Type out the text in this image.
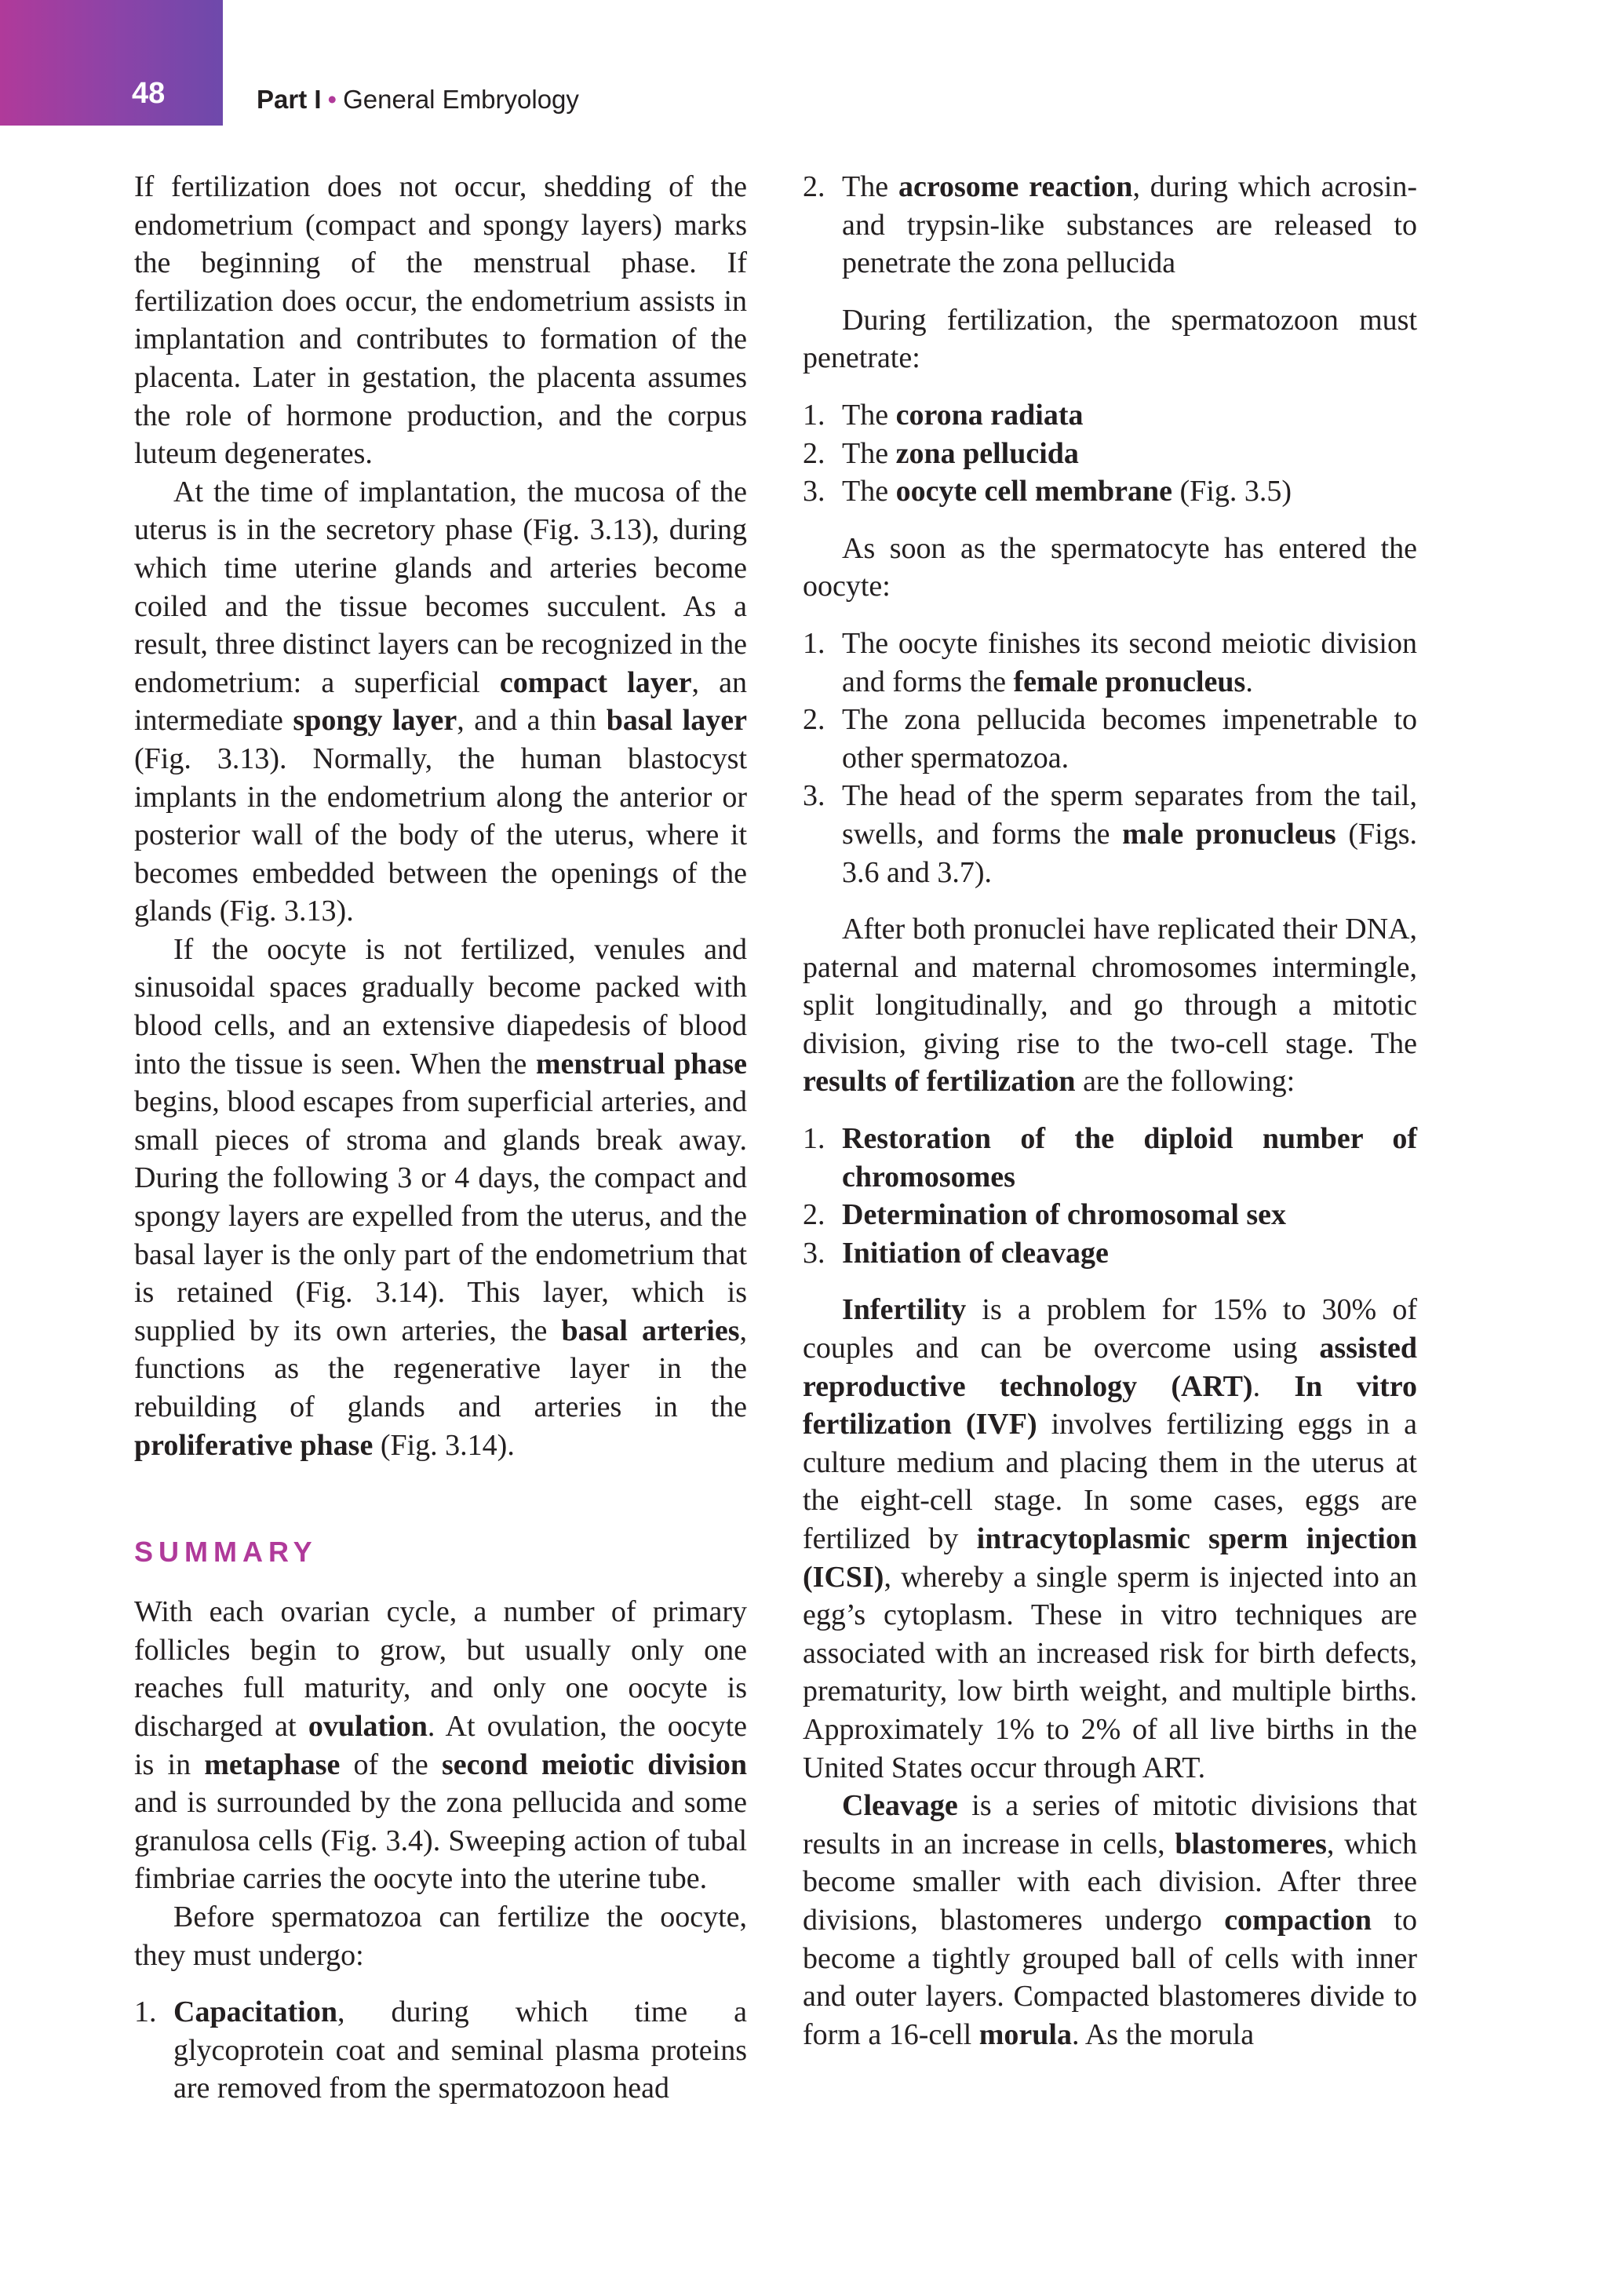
48	Part I • General Embryology

If fertilization does not occur, shedding of the endometrium (compact and spongy layers) marks the beginning of the menstrual phase. If fertilization does occur, the endometrium assists in implantation and contributes to formation of the placenta. Later in gestation, the placenta assumes the role of hormone production, and the corpus luteum degenerates.

At the time of implantation, the mucosa of the uterus is in the secretory phase (Fig. 3.13), during which time uterine glands and arteries become coiled and the tissue becomes succulent. As a result, three distinct layers can be recognized in the endometrium: a superficial compact layer, an intermediate spongy layer, and a thin basal layer (Fig. 3.13). Normally, the human blastocyst implants in the endometrium along the anterior or posterior wall of the body of the uterus, where it becomes embedded between the openings of the glands (Fig. 3.13).

If the oocyte is not fertilized, venules and sinusoidal spaces gradually become packed with blood cells, and an extensive diapedesis of blood into the tissue is seen. When the menstrual phase begins, blood escapes from superficial arteries, and small pieces of stroma and glands break away. During the following 3 or 4 days, the compact and spongy layers are expelled from the uterus, and the basal layer is the only part of the endometrium that is retained (Fig. 3.14). This layer, which is supplied by its own arteries, the basal arteries, functions as the regenerative layer in the rebuilding of glands and arteries in the proliferative phase (Fig. 3.14).

SUMMARY

With each ovarian cycle, a number of primary follicles begin to grow, but usually only one reaches full maturity, and only one oocyte is discharged at ovulation. At ovulation, the oocyte is in metaphase of the second meiotic division and is surrounded by the zona pellucida and some granulosa cells (Fig. 3.4). Sweeping action of tubal fimbriae carries the oocyte into the uterine tube.

Before spermatozoa can fertilize the oocyte, they must undergo:

1. Capacitation, during which time a glycoprotein coat and seminal plasma proteins are removed from the spermatozoon head
2. The acrosome reaction, during which acrosin- and trypsin-like substances are released to penetrate the zona pellucida

During fertilization, the spermatozoon must penetrate:

1. The corona radiata
2. The zona pellucida
3. The oocyte cell membrane (Fig. 3.5)

As soon as the spermatocyte has entered the oocyte:

1. The oocyte finishes its second meiotic division and forms the female pronucleus.
2. The zona pellucida becomes impenetrable to other spermatozoa.
3. The head of the sperm separates from the tail, swells, and forms the male pronucleus (Figs. 3.6 and 3.7).

After both pronuclei have replicated their DNA, paternal and maternal chromosomes intermingle, split longitudinally, and go through a mitotic division, giving rise to the two-cell stage. The results of fertilization are the following:

1. Restoration of the diploid number of chromosomes
2. Determination of chromosomal sex
3. Initiation of cleavage

Infertility is a problem for 15% to 30% of couples and can be overcome using assisted reproductive technology (ART). In vitro fertilization (IVF) involves fertilizing eggs in a culture medium and placing them in the uterus at the eight-cell stage. In some cases, eggs are fertilized by intracytoplasmic sperm injection (ICSI), whereby a single sperm is injected into an egg’s cytoplasm. These in vitro techniques are associated with an increased risk for birth defects, prematurity, low birth weight, and multiple births. Approximately 1% to 2% of all live births in the United States occur through ART.

Cleavage is a series of mitotic divisions that results in an increase in cells, blastomeres, which become smaller with each division. After three divisions, blastomeres undergo compaction to become a tightly grouped ball of cells with inner and outer layers. Compacted blastomeres divide to form a 16-cell morula. As the morula
